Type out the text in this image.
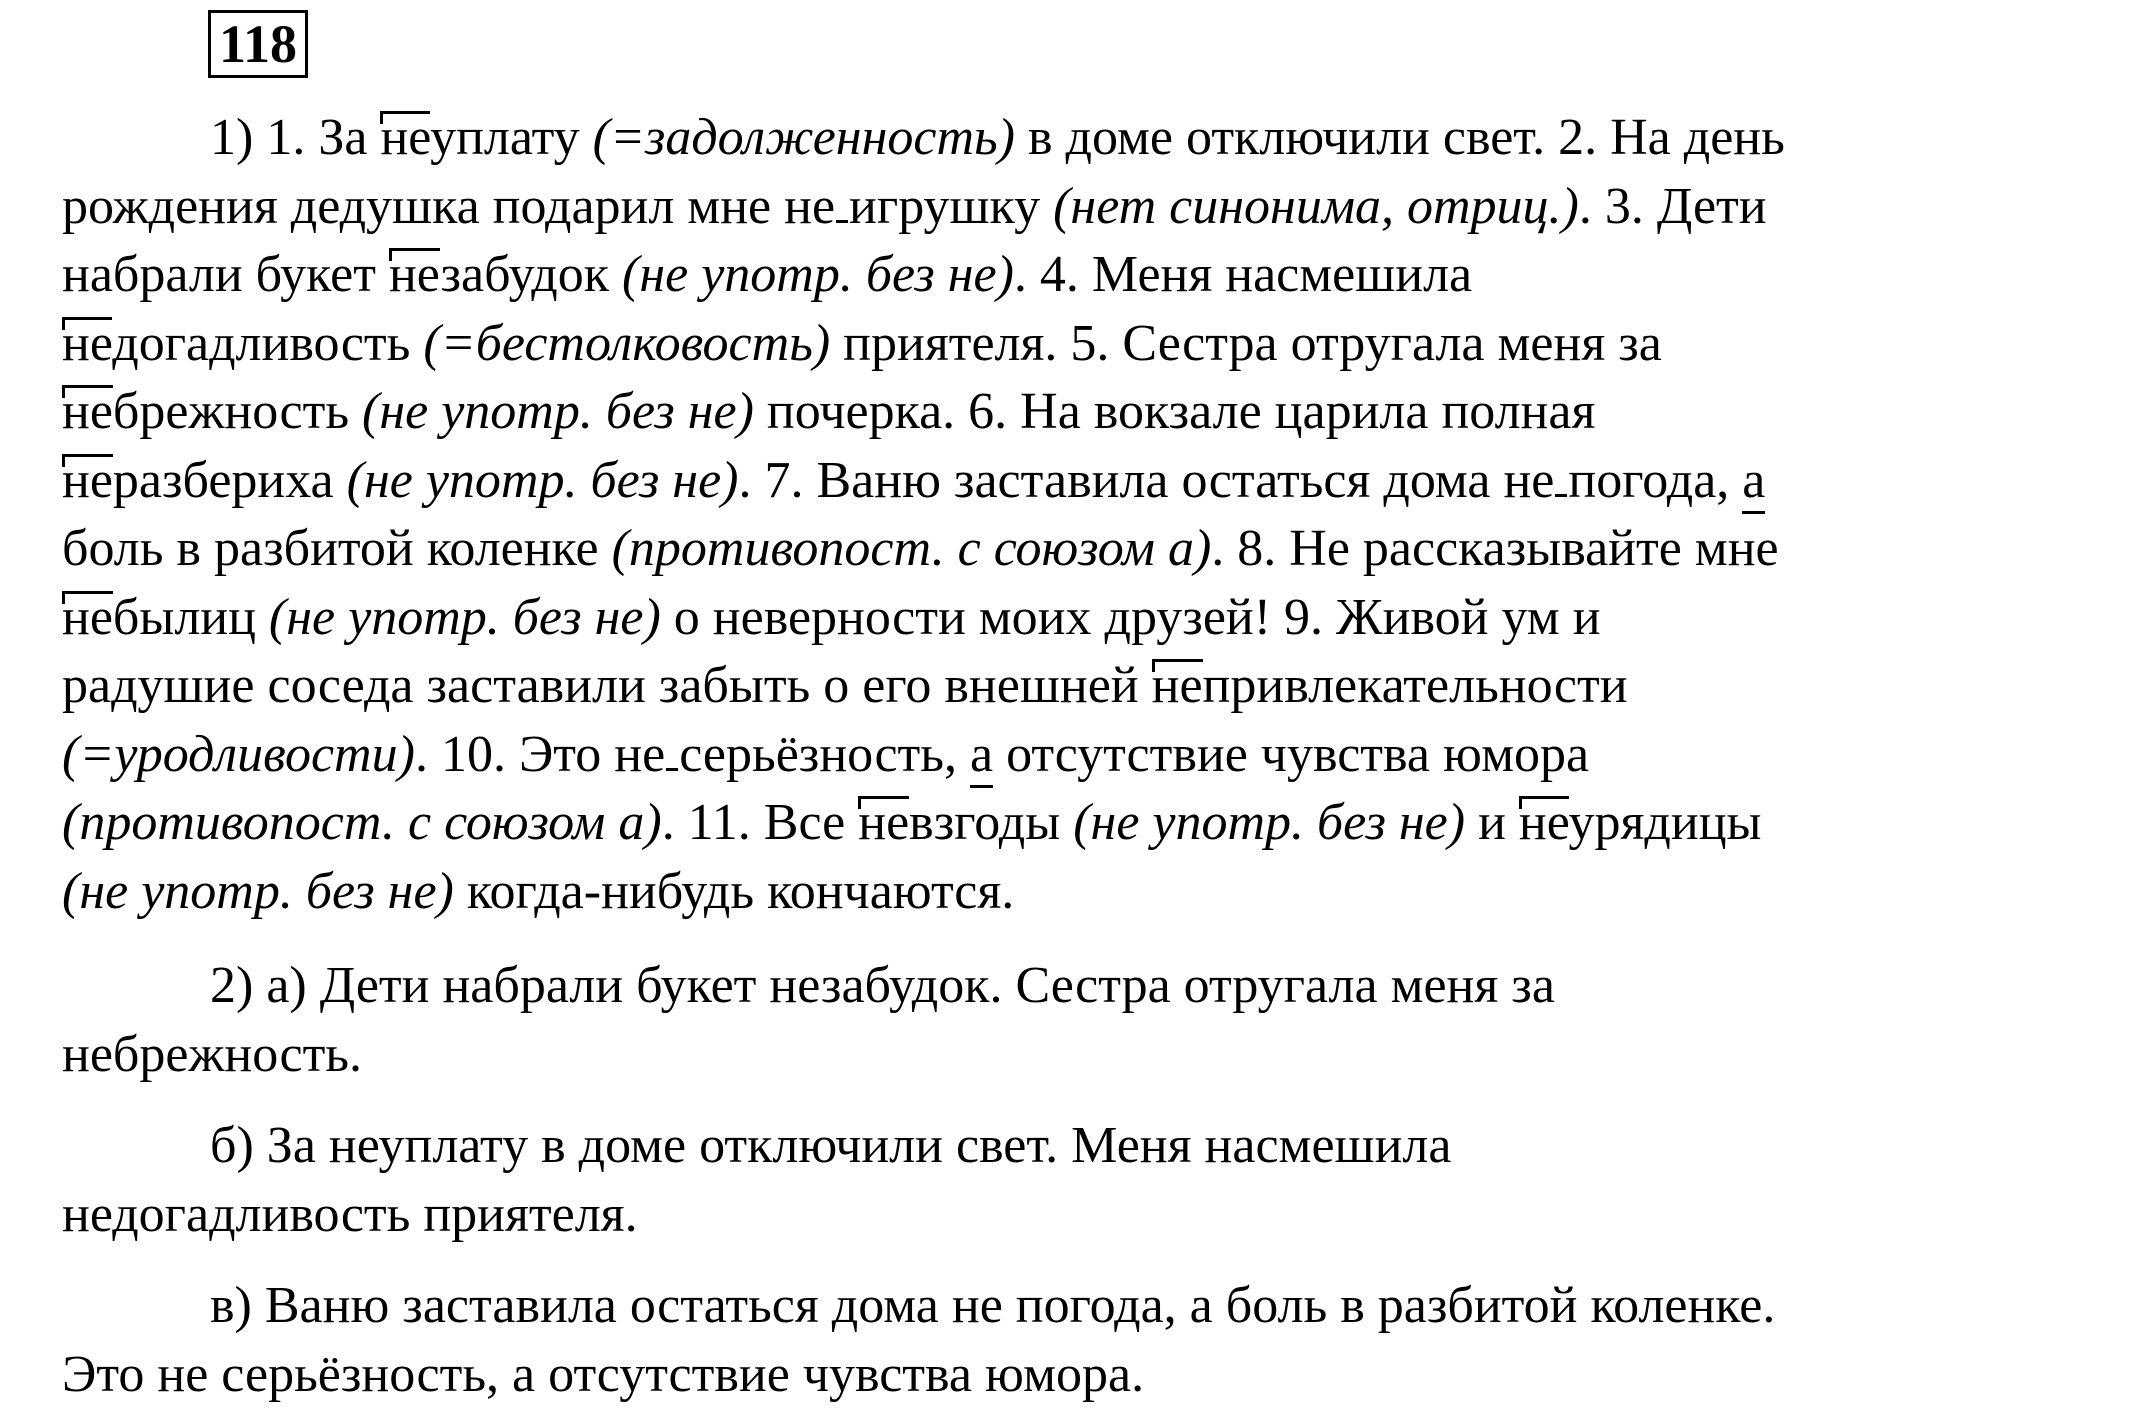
118
1) 1. За неуплату (=задолженность) в доме отключили свет. 2. На день
рождения дедушка подарил мне не игрушку (нет синонима, отриц.). 3. Дети
набрали букет незабудок (не употр. без не). 4. Меня насмешила
недогадливость (=бестолковость) приятеля. 5. Сестра отругала меня за
небрежность (не употр. без не) почерка. 6. На вокзале царила полная
неразбериха (не употр. без не). 7. Ваню заставила остаться дома не погода, а
боль в разбитой коленке (противопост. с союзом а). 8. Не рассказывайте мне
небылиц (не употр. без не) о неверности моих друзей! 9. Живой ум и
радушие соседа заставили забыть о его внешней непривлекательности
(=уродливости). 10. Это не серьёзность, а отсутствие чувства юмора
(противопост. с союзом а). 11. Все невзгоды (не употр. без не) и неурядицы
(не употр. без не) когда-нибудь кончаются.
2) а) Дети набрали букет незабудок. Сестра отругала меня за
небрежность.
б) За неуплату в доме отключили свет. Меня насмешила
недогадливость приятеля.
в) Ваню заставила остаться дома не погода, а боль в разбитой коленке.
Это не серьёзность, а отсутствие чувства юмора.
